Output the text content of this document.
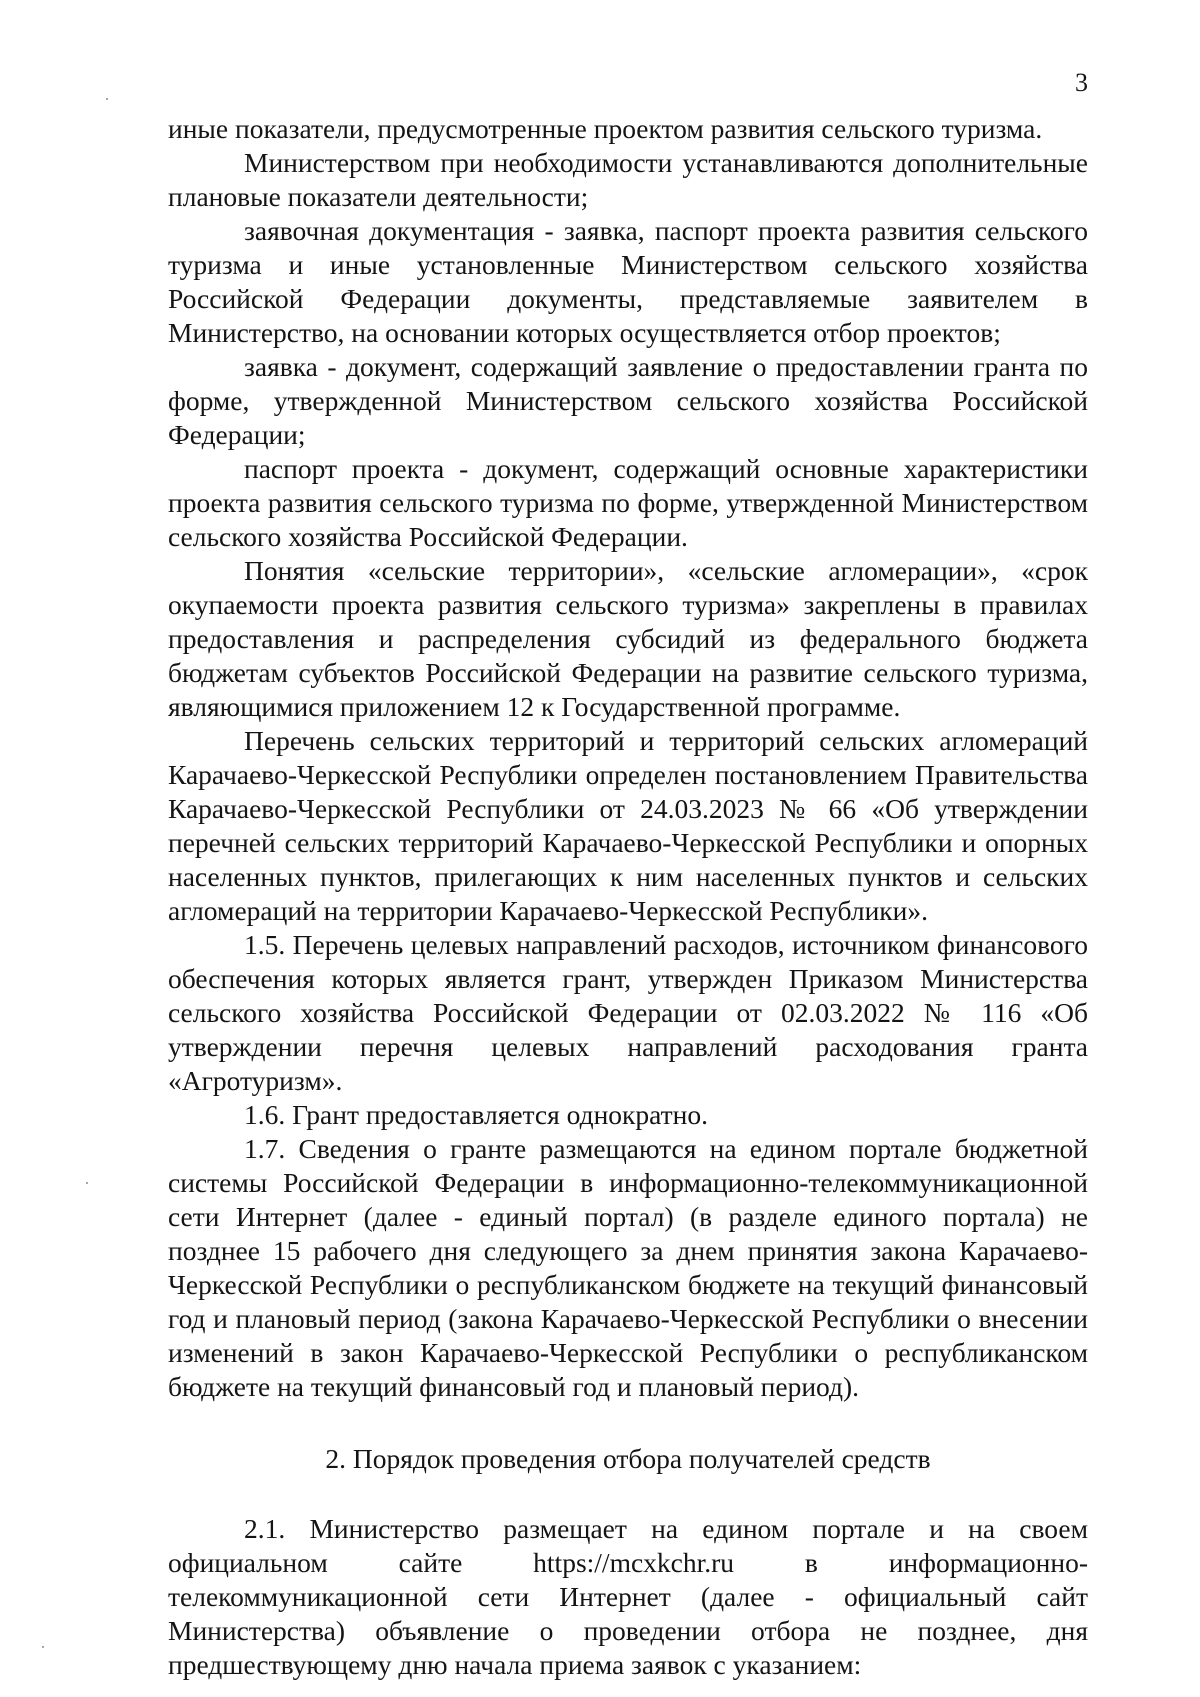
3

иные показатели, предусмотренные проектом развития сельского туризма.

Министерством при необходимости устанавливаются дополнительные плановые показатели деятельности;

заявочная документация - заявка, паспорт проекта развития сельского туризма и иные установленные Министерством сельского хозяйства Российской Федерации документы, представляемые заявителем в Министерство, на основании которых осуществляется отбор проектов;

заявка - документ, содержащий заявление о предоставлении гранта по форме, утвержденной Министерством сельского хозяйства Российской Федерации;

паспорт проекта - документ, содержащий основные характеристики проекта развития сельского туризма по форме, утвержденной Министерством сельского хозяйства Российской Федерации.

Понятия «сельские территории», «сельские агломерации», «срок окупаемости проекта развития сельского туризма» закреплены в правилах предоставления и распределения субсидий из федерального бюджета бюджетам субъектов Российской Федерации на развитие сельского туризма, являющимися приложением 12 к Государственной программе.

Перечень сельских территорий и территорий сельских агломераций Карачаево-Черкесской Республики определен постановлением Правительства Карачаево-Черкесской Республики от 24.03.2023 № 66 «Об утверждении перечней сельских территорий Карачаево-Черкесской Республики и опорных населенных пунктов, прилегающих к ним населенных пунктов и сельских агломераций на территории Карачаево-Черкесской Республики».

1.5. Перечень целевых направлений расходов, источником финансового обеспечения которых является грант, утвержден Приказом Министерства сельского хозяйства Российской Федерации от 02.03.2022 № 116 «Об утверждении перечня целевых направлений расходования гранта «Агротуризм».

1.6. Грант предоставляется однократно.

1.7. Сведения о гранте размещаются на едином портале бюджетной системы Российской Федерации в информационно-телекоммуникационной сети Интернет (далее - единый портал) (в разделе единого портала) не позднее 15 рабочего дня следующего за днем принятия закона Карачаево-Черкесской Республики о республиканском бюджете на текущий финансовый год и плановый период (закона Карачаево-Черкесской Республики о внесении изменений в закон Карачаево-Черкесской Республики о республиканском бюджете на текущий финансовый год и плановый период).

2. Порядок проведения отбора получателей средств

2.1. Министерство размещает на едином портале и на своем официальном сайте https://mcxkchr.ru в информационно-телекоммуникационной сети Интернет (далее - официальный сайт Министерства) объявление о проведении отбора не позднее, дня предшествующему дню начала приема заявок с указанием:
